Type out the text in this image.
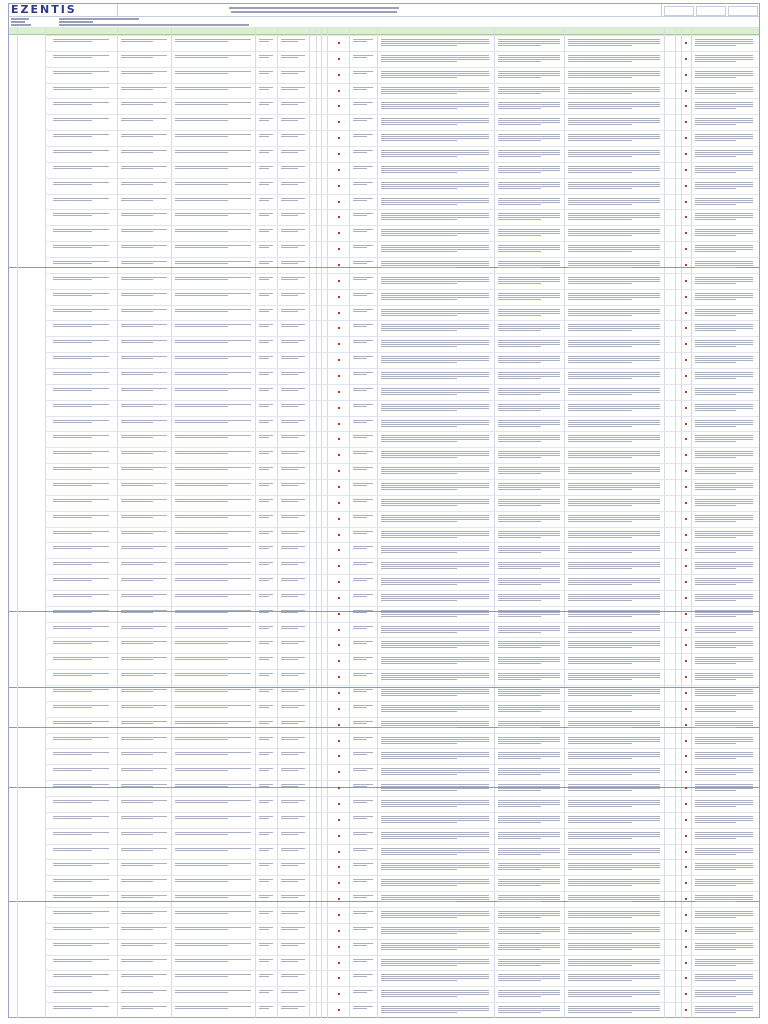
EZENTIS
